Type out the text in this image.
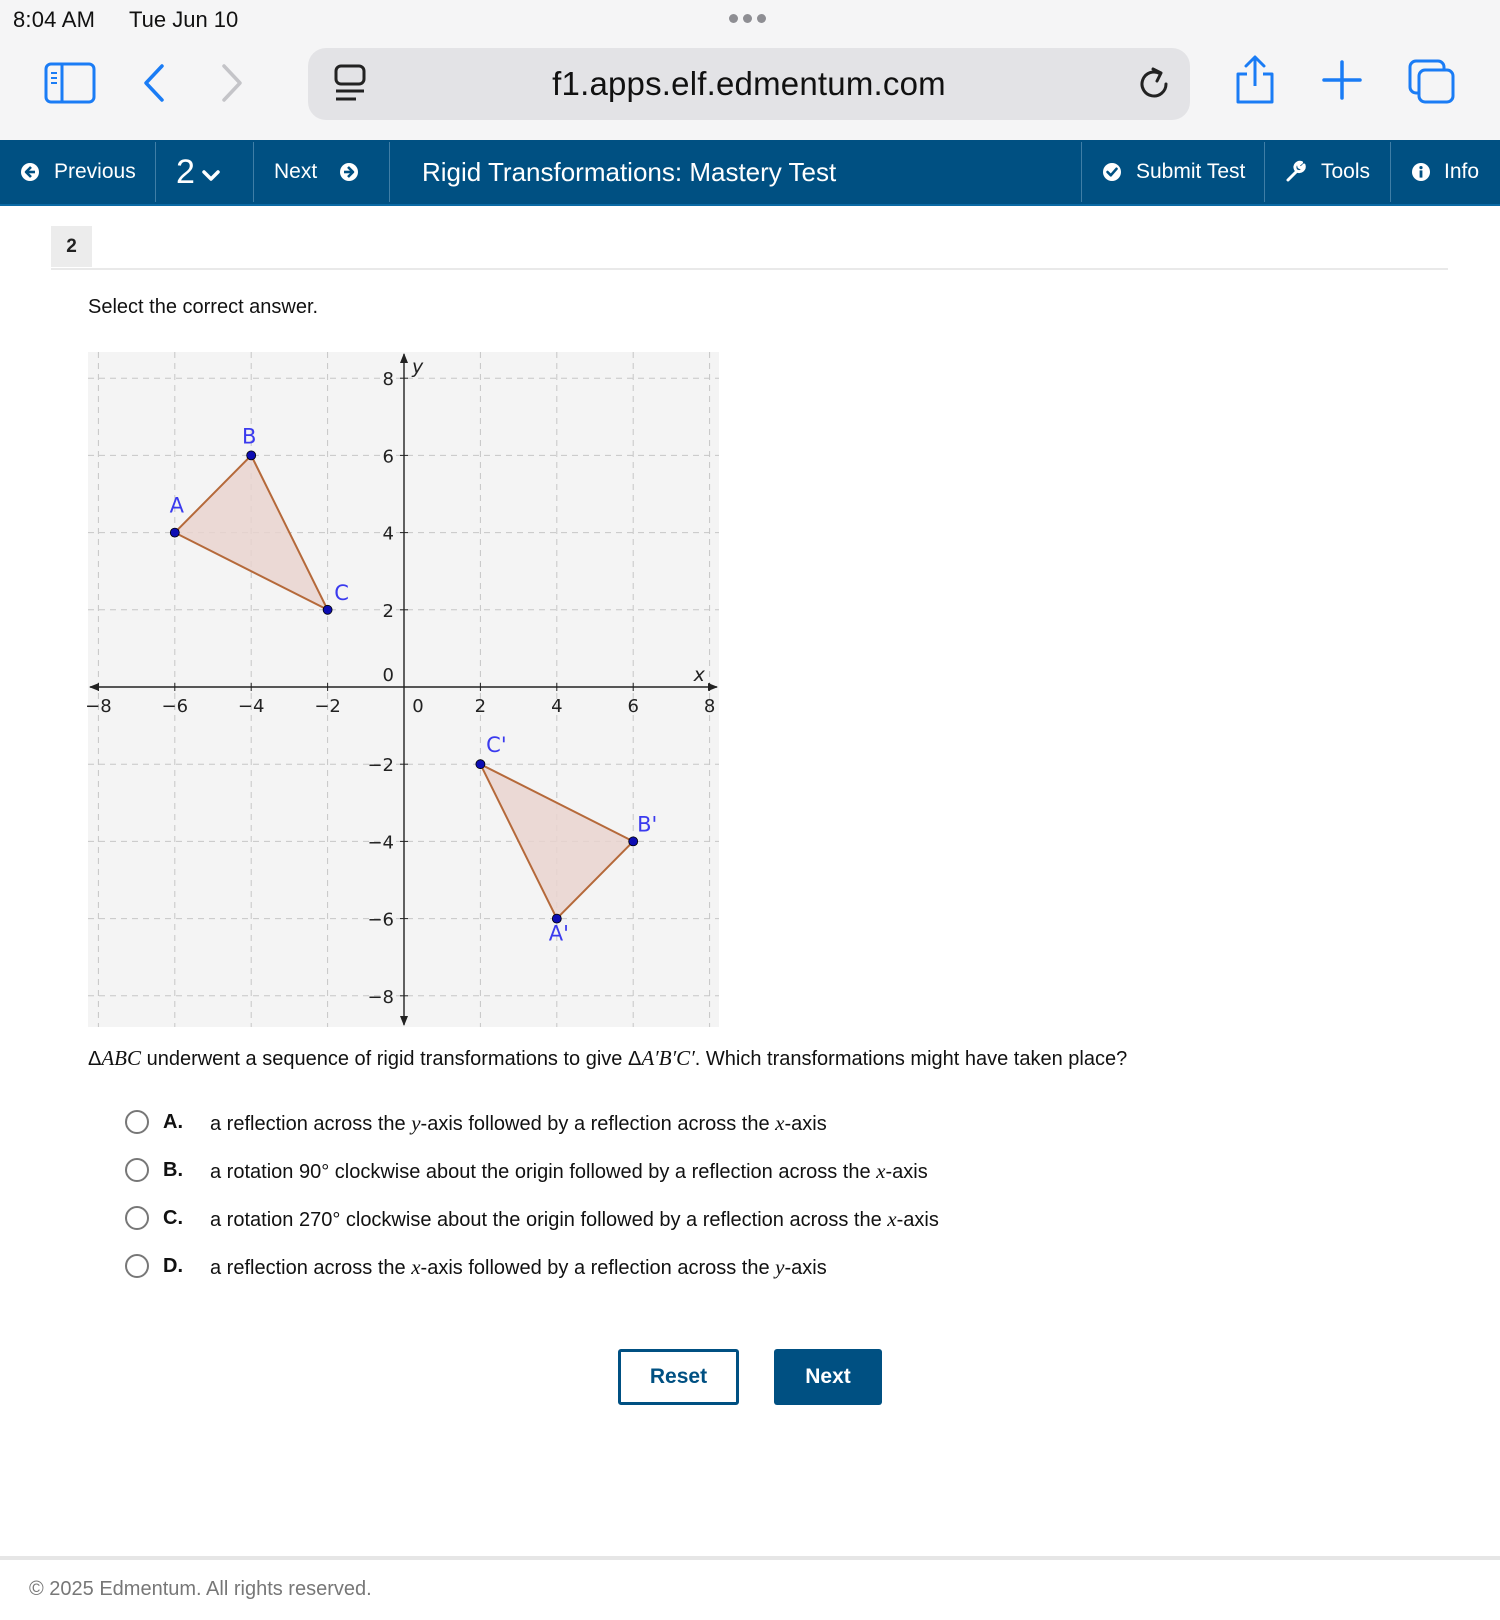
8:04 AM Tue Jun 10
f1.apps.elf.edmentum.com
Previous 2	Next	Rigid Transformations: Mastery Test	Submit Test	Tools	Info
2
Select the correct answer.
x
y
−8	−6	−4	−2	2	4	6	8
8
6
4
2
−2
−4
−6
−8
0
0
A
B
C
A'
B'
C'
ΔABC underwent a sequence of rigid transformations to give ΔA′B′C′. Which transformations might have taken place?
A. a reflection across the y-axis followed by a reflection across the x-axis
B. a rotation 90° clockwise about the origin followed by a reflection across the x-axis
C. a rotation 270° clockwise about the origin followed by a reflection across the x-axis
D. a reflection across the x-axis followed by a reflection across the y-axis
Reset	Next
© 2025 Edmentum. All rights reserved.
